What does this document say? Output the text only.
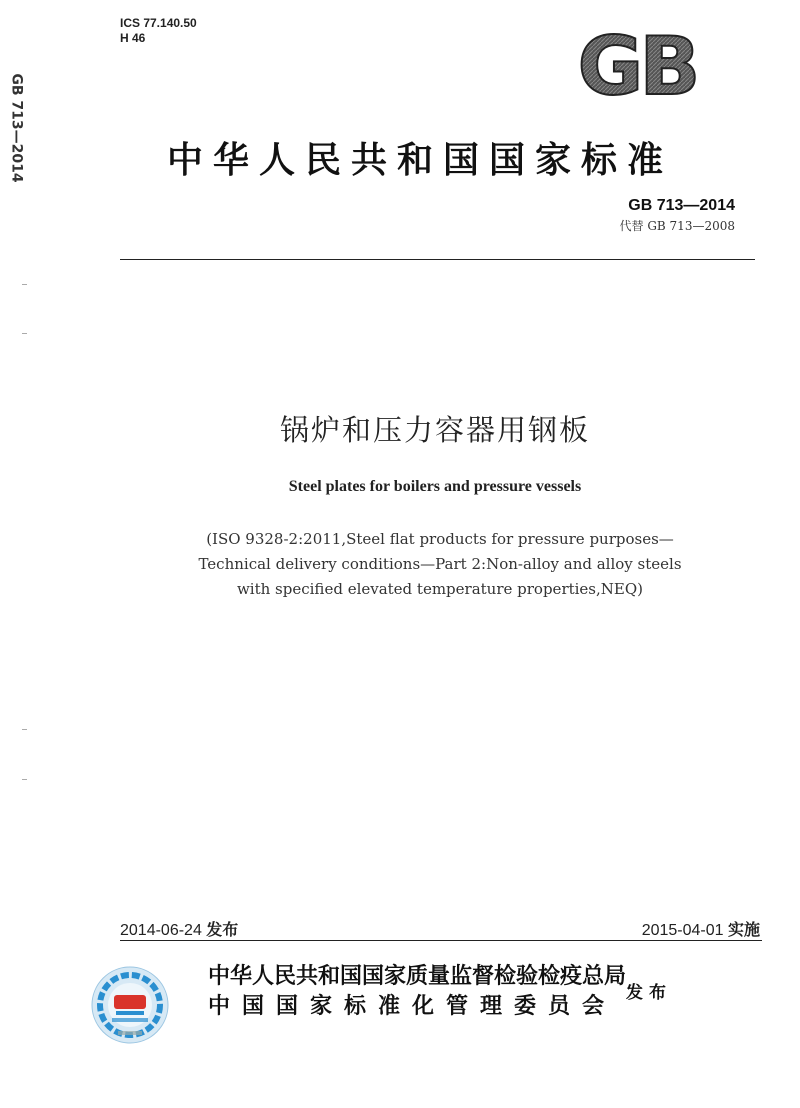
GB 713—2014
ICS 77.140.50
H 46	GB
中华人民共和国国家标准
GB 713—2014
代替 GB 713—2008
锅炉和压力容器用钢板
Steel plates for boilers and pressure vessels
(ISO 9328-2:2011,Steel flat products for pressure purposes—
Technical delivery conditions—Part 2:Non-alloy and alloy steels
with specified elevated temperature properties,NEQ)
2014-06-24 发布	2015-04-01 实施
中华人民共和国国家质量监督检验检疫总局
中国国家标准化管理委员会
发布
